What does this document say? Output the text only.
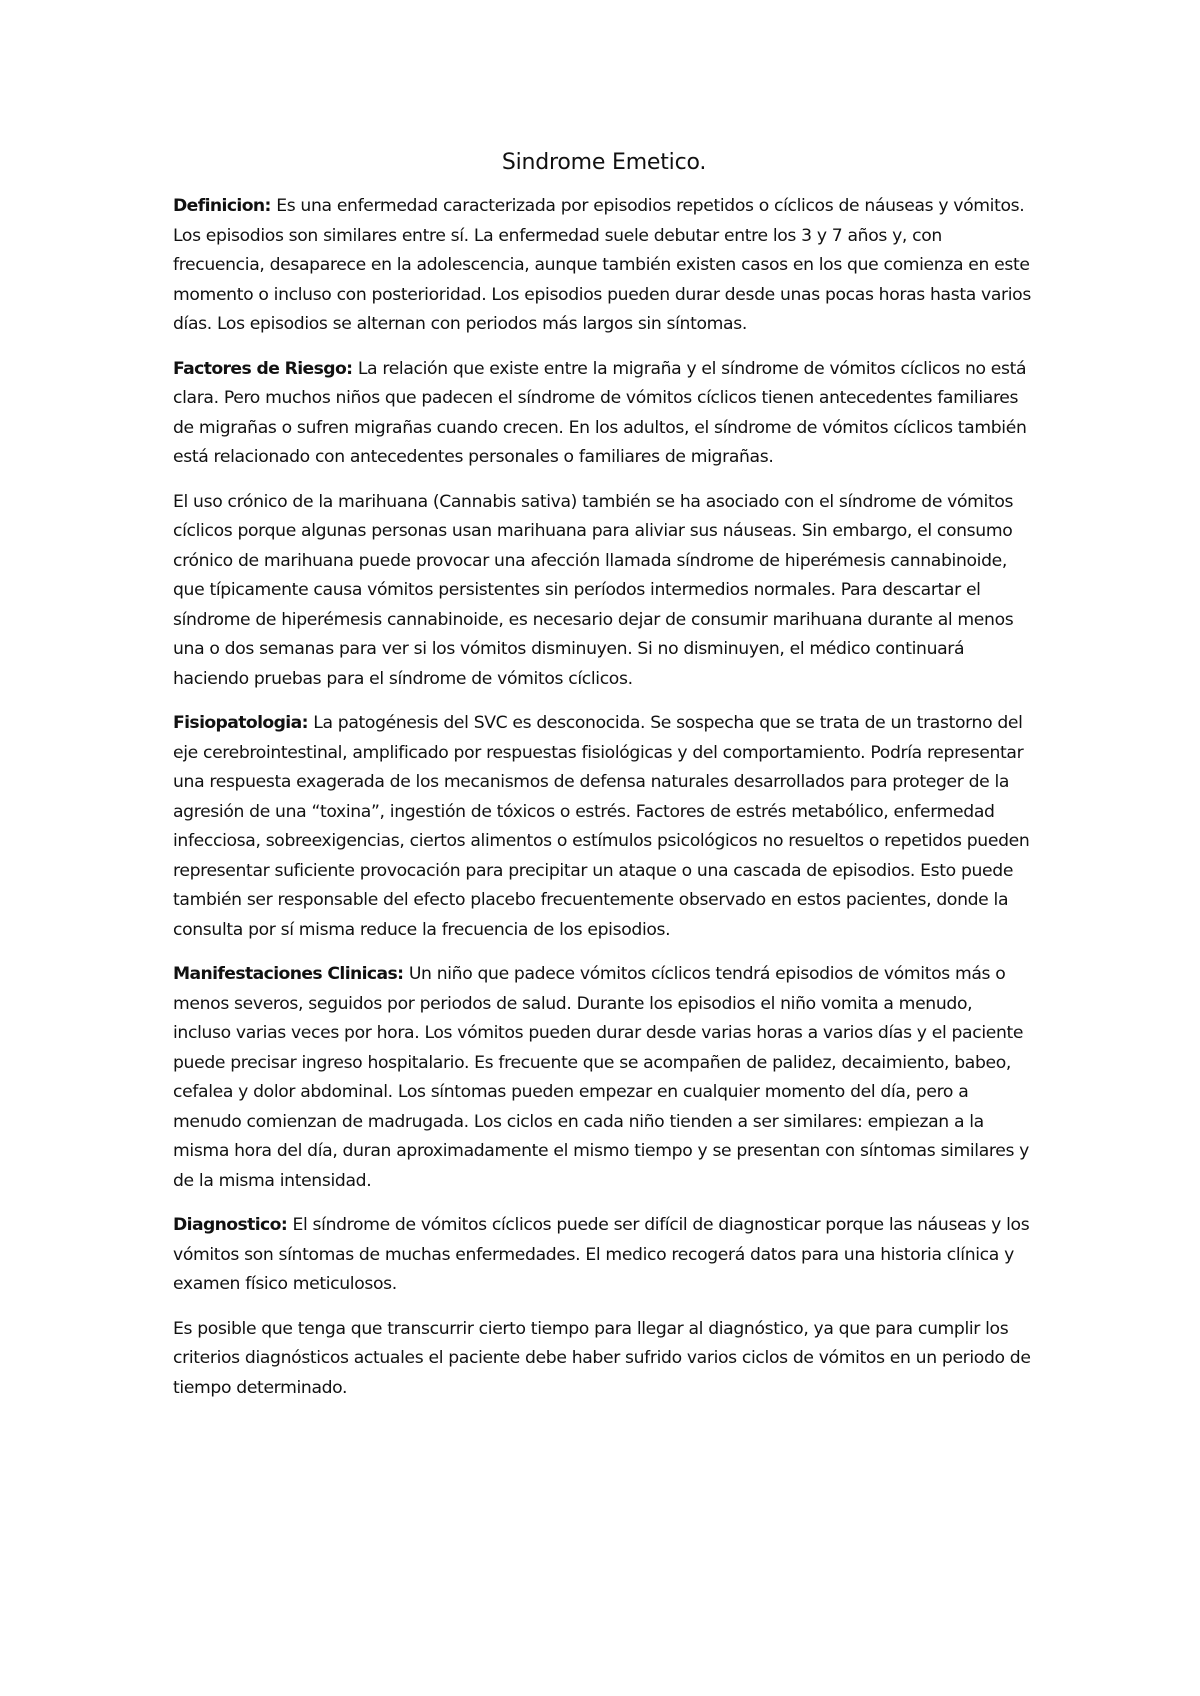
Sindrome Emetico.

Definicion: Es una enfermedad caracterizada por episodios repetidos o cíclicos de náuseas y vómitos. Los episodios son similares entre sí. La enfermedad suele debutar entre los 3 y 7 años y, con frecuencia, desaparece en la adolescencia, aunque también existen casos en los que comienza en este momento o incluso con posterioridad. Los episodios pueden durar desde unas pocas horas hasta varios días. Los episodios se alternan con periodos más largos sin síntomas.

Factores de Riesgo: La relación que existe entre la migraña y el síndrome de vómitos cíclicos no está clara. Pero muchos niños que padecen el síndrome de vómitos cíclicos tienen antecedentes familiares de migrañas o sufren migrañas cuando crecen. En los adultos, el síndrome de vómitos cíclicos también está relacionado con antecedentes personales o familiares de migrañas.

El uso crónico de la marihuana (Cannabis sativa) también se ha asociado con el síndrome de vómitos cíclicos porque algunas personas usan marihuana para aliviar sus náuseas. Sin embargo, el consumo crónico de marihuana puede provocar una afección llamada síndrome de hiperémesis cannabinoide, que típicamente causa vómitos persistentes sin períodos intermedios normales. Para descartar el síndrome de hiperémesis cannabinoide, es necesario dejar de consumir marihuana durante al menos una o dos semanas para ver si los vómitos disminuyen. Si no disminuyen, el médico continuará haciendo pruebas para el síndrome de vómitos cíclicos.

Fisiopatologia: La patogénesis del SVC es desconocida. Se sospecha que se trata de un trastorno del eje cerebrointestinal, amplificado por respuestas fisiológicas y del comportamiento. Podría representar una respuesta exagerada de los mecanismos de defensa naturales desarrollados para proteger de la agresión de una “toxina”, ingestión de tóxicos o estrés. Factores de estrés metabólico, enfermedad infecciosa, sobreexigencias, ciertos alimentos o estímulos psicológicos no resueltos o repetidos pueden representar suficiente provocación para precipitar un ataque o una cascada de episodios. Esto puede también ser responsable del efecto placebo frecuentemente observado en estos pacientes, donde la consulta por sí misma reduce la frecuencia de los episodios.

Manifestaciones Clinicas: Un niño que padece vómitos cíclicos tendrá episodios de vómitos más o menos severos, seguidos por periodos de salud. Durante los episodios el niño vomita a menudo, incluso varias veces por hora. Los vómitos pueden durar desde varias horas a varios días y el paciente puede precisar ingreso hospitalario. Es frecuente que se acompañen de palidez, decaimiento, babeo, cefalea y dolor abdominal. Los síntomas pueden empezar en cualquier momento del día, pero a menudo comienzan de madrugada. Los ciclos en cada niño tienden a ser similares: empiezan a la misma hora del día, duran aproximadamente el mismo tiempo y se presentan con síntomas similares y de la misma intensidad.

Diagnostico: El síndrome de vómitos cíclicos puede ser difícil de diagnosticar porque las náuseas y los vómitos son síntomas de muchas enfermedades. El medico recogerá datos para una historia clínica y examen físico meticulosos.

Es posible que tenga que transcurrir cierto tiempo para llegar al diagnóstico, ya que para cumplir los criterios diagnósticos actuales el paciente debe haber sufrido varios ciclos de vómitos en un periodo de tiempo determinado.
